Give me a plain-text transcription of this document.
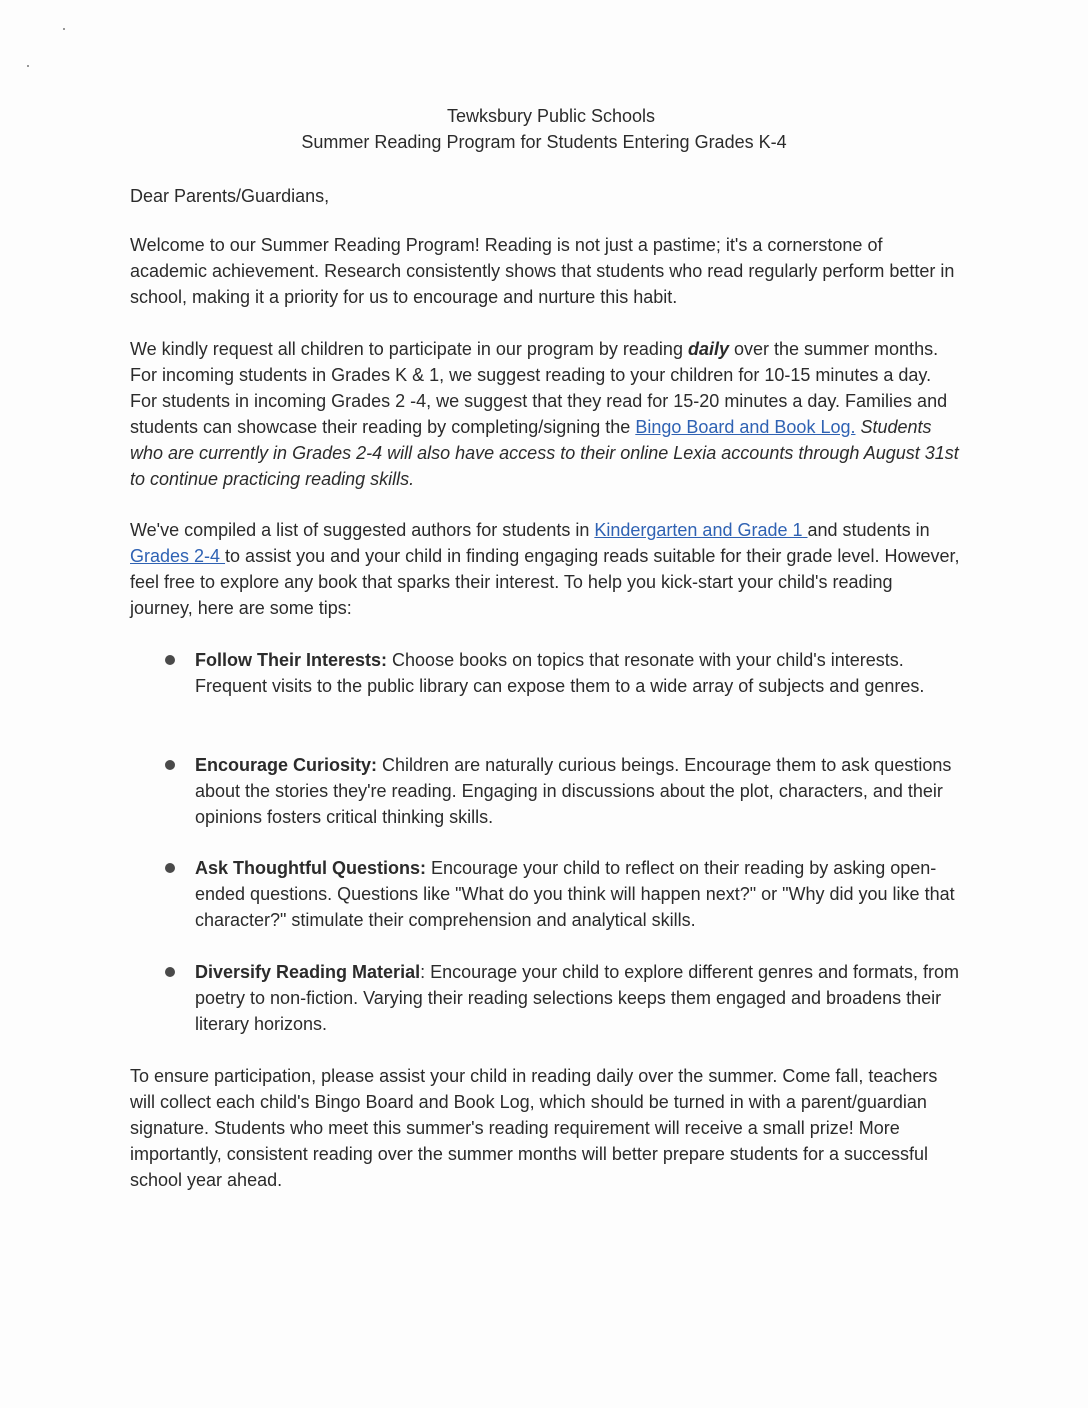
Tewksbury Public Schools
Summer Reading Program for Students Entering Grades K-4

Dear Parents/Guardians,

Welcome to our Summer Reading Program! Reading is not just a pastime; it's a cornerstone of academic achievement. Research consistently shows that students who read regularly perform better in school, making it a priority for us to encourage and nurture this habit.

We kindly request all children to participate in our program by reading daily over the summer months. For incoming students in Grades K & 1, we suggest reading to your children for 10-15 minutes a day. For students in incoming Grades 2 -4, we suggest that they read for 15-20 minutes a day. Families and students can showcase their reading by completing/signing the Bingo Board and Book Log. Students who are currently in Grades 2-4 will also have access to their online Lexia accounts through August 31st to continue practicing reading skills.

We've compiled a list of suggested authors for students in Kindergarten and Grade 1 and students in Grades 2-4 to assist you and your child in finding engaging reads suitable for their grade level. However, feel free to explore any book that sparks their interest. To help you kick-start your child's reading journey, here are some tips:

Follow Their Interests: Choose books on topics that resonate with your child's interests. Frequent visits to the public library can expose them to a wide array of subjects and genres.
Encourage Curiosity: Children are naturally curious beings. Encourage them to ask questions about the stories they're reading. Engaging in discussions about the plot, characters, and their opinions fosters critical thinking skills.
Ask Thoughtful Questions: Encourage your child to reflect on their reading by asking open-ended questions. Questions like "What do you think will happen next?" or "Why did you like that character?" stimulate their comprehension and analytical skills.
Diversify Reading Material: Encourage your child to explore different genres and formats, from poetry to non-fiction. Varying their reading selections keeps them engaged and broadens their literary horizons.

To ensure participation, please assist your child in reading daily over the summer. Come fall, teachers will collect each child's Bingo Board and Book Log, which should be turned in with a parent/guardian signature. Students who meet this summer's reading requirement will receive a small prize! More importantly, consistent reading over the summer months will better prepare students for a successful school year ahead.
